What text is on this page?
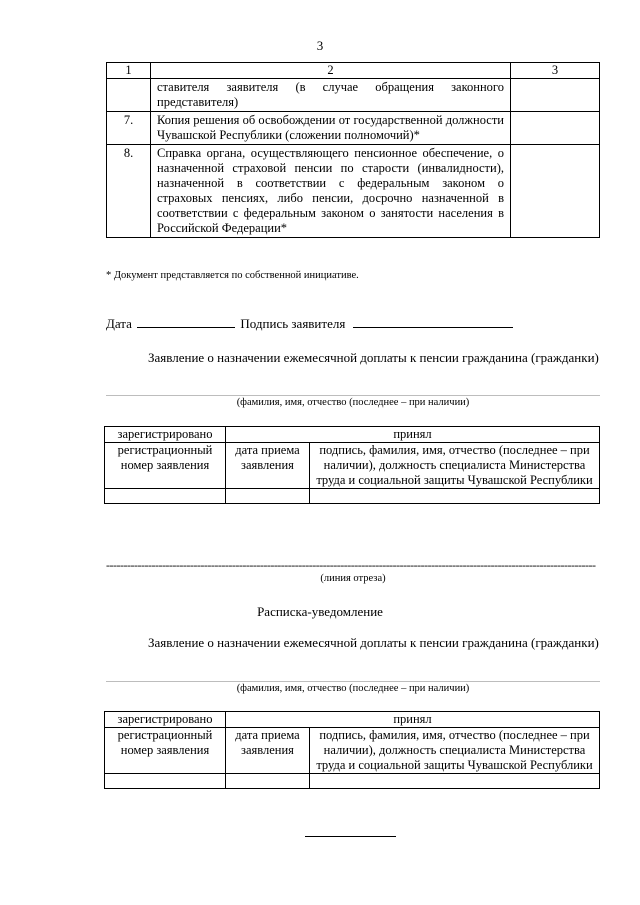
3
1	2	3
	ставителя заявителя (в случае обращения законного представителя)	
7.	Копия решения об освобождении от государственной должности Чувашской Республики (сложении полномочий)*	
8.	Справка органа, осуществляющего пенсионное обеспечение, о назначенной страховой пенсии по старости (инвалидности), назначенной в соответствии с федеральным законом о страховых пенсиях, либо пенсии, досрочно назначенной в соответствии с федеральным законом о занятости населения в Российской Федерации*	
* Документ представляется по собственной инициативе.
Дата	Подпись заявителя
Заявление о назначении ежемесячной доплаты к пенсии гражданина (гражданки)
(фамилия, имя, отчество (последнее – при наличии)
зарегистрировано	принял	
регистрационный номер заявления	дата приема заявления	подпись, фамилия, имя, отчество (последнее – при наличии), должность специалиста Министерства труда и социальной защиты Чувашской Республики

--------------------------------------------------------------------------------------------------------------------------------------------
(линия отреза)
Расписка-уведомление
Заявление о назначении ежемесячной доплаты к пенсии гражданина (гражданки)
(фамилия, имя, отчество (последнее – при наличии)
зарегистрировано	принял	
регистрационный номер заявления	дата приема заявления	подпись, фамилия, имя, отчество (последнее – при наличии), должность специалиста Министерства труда и социальной защиты Чувашской Республики
